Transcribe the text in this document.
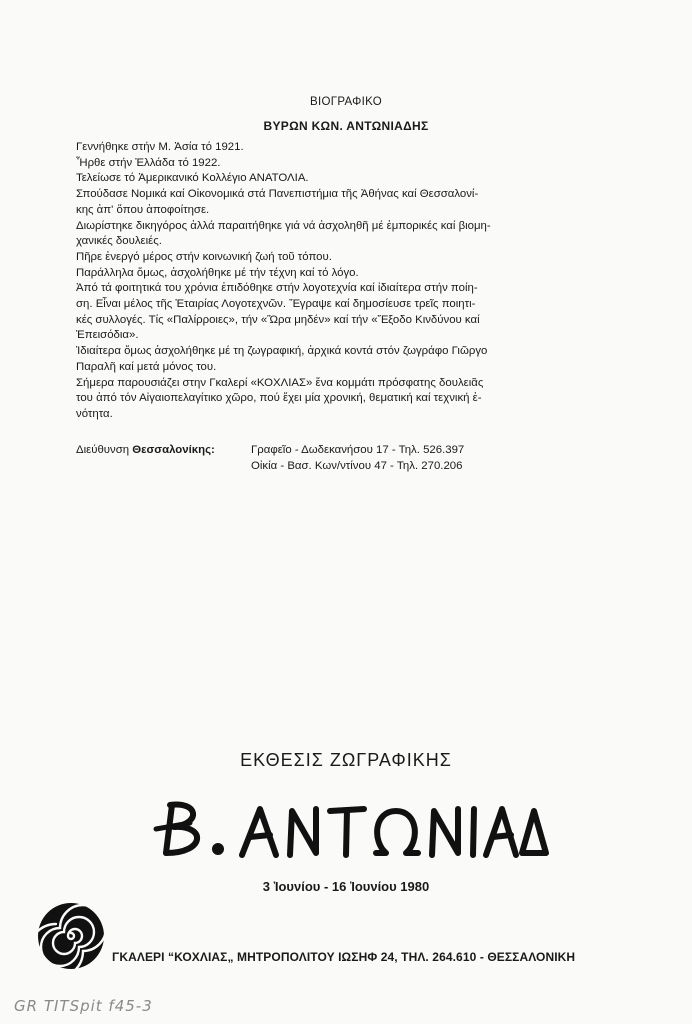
ΒΙΟΓΡΑΦΙΚΟ
ΒΥΡΩΝ ΚΩΝ. ΑΝΤΩΝΙΑΔΗΣ
Γεννήθηκε στήν Μ. Ἀσία τό 1921.
Ἦρθε στήν Ἑλλάδα τό 1922.
Τελείωσε τό Ἀμερικανικό Κολλέγιο ΑΝΑΤΟΛΙΑ.
Σπούδασε Νομικά καί Οἰκονομικά στά Πανεπιστήμια τῆς Ἀθήνας καί Θεσσαλονί-
κης ἀπ' ὅπου ἀποφοίτησε.
Διωρίστηκε δικηγόρος ἀλλά παραιτήθηκε γιά νά ἀσχοληθῆ μέ ἐμπορικές καί βιομη-
χανικές δουλειές.
Πῆρε ἐνεργό μέρος στήν κοινωνική ζωή τοῦ τόπου.
Παράλληλα ὅμως, ἀσχολήθηκε μέ τήν τέχνη καί τό λόγο.
Ἀπό τά φοιτητικά του χρόνια ἐπιδόθηκε στήν λογοτεχνία καί ἰδιαίτερα στήν ποίη-
ση. Εἶναι μέλος τῆς Ἑταιρίας Λογοτεχνῶν. Ἔγραψε καί δημοσίευσε τρεῖς ποιητι-
κές συλλογές. Τίς «Παλίρροιες», τήν «Ὥρα μηδέν» καί τήν «Ἔξοδο Κινδύνου καί
Ἐπεισόδια».
Ἰδιαίτερα ὅμως ἀσχολήθηκε μέ τη ζωγραφική, ἀρχικά κοντά στόν ζωγράφο Γιῶργο
Παραλῆ καί μετά μόνος του.
Σήμερα παρουσιάζει στην Γκαλερί «ΚΟΧΛΙΑΣ» ἕνα κομμάτι πρόσφατης δουλειᾶς
του ἀπό τόν Αἰγαιοπελαγίτικο χῶρο, πού ἔχει μία χρονική, θεματική καί τεχνική ἑ-
νότητα.
Διεύθυνση Θεσσαλονίκης:	Γραφεῖο - Δωδεκανήσου 17 - Τηλ. 526.397
Οἰκία - Βασ. Κων/ντίνου 47 - Τηλ. 270.206
ΕΚΘΕΣΙΣ ΖΩΓΡΑΦΙΚΗΣ
3 Ἰουνίου - 16 Ἰουνίου 1980
ΓΚΑΛΕΡΙ “ΚΟΧΛΙΑΣ„ ΜΗΤΡΟΠΟΛΙΤΟΥ ΙΩΣΗΦ 24, ΤΗΛ. 264.610 - ΘΕΣΣΑΛΟΝΙΚΗ
GR TITSpit f45-3
